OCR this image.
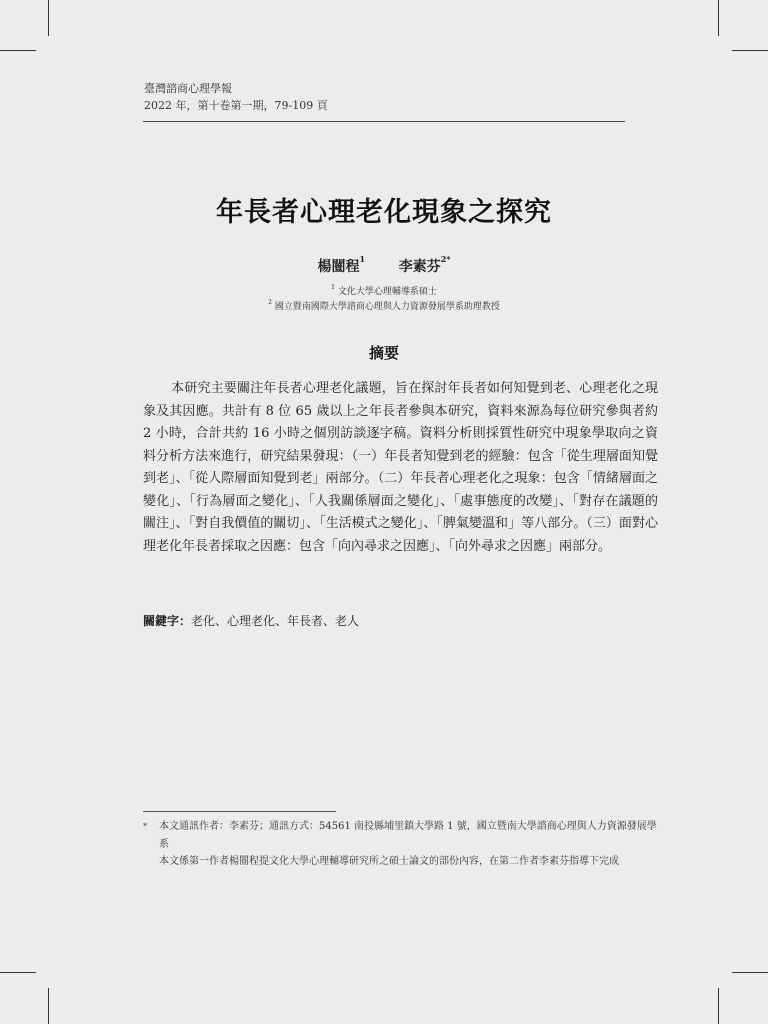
臺灣諮商心理學報
2022 年，第十卷第一期，79-109 頁
年長者心理老化現象之探究
楊闓程$^1$ 李素芬$^{2*}$
$^1$ 文化大學心理輔導系碩士
$^2$ 國立暨南國際大學諮商心理與人力資源發展學系助理教授
摘要

本研究主要關注年長者心理老化議題，旨在探討年長者如何知覺到老、心理老化之現象及其因應。共計有 8 位 65 歲以上之年長者參與本研究，資料來源為每位研究參與者約 2 小時，合計共約 16 小時之個別訪談逐字稿。資料分析則採質性研究中現象學取向之資料分析方法來進行，研究結果發現：（一）年長者知覺到老的經驗：包含「從生理層面知覺到老」、「從人際層面知覺到老」兩部分。（二）年長者心理老化之現象：包含「情緒層面之變化」、「行為層面之變化」、「人我關係層面之變化」、「處事態度的改變」、「對存在議題的關注」、「對自我價值的關切」、「生活模式之變化」、「脾氣變溫和」等八部分。（三）面對心理老化年長者採取之因應：包含「向內尋求之因應」、「向外尋求之因應」兩部分。

關鍵字：老化、心理老化、年長者、老人
*	本文通訊作者：李素芬；通訊方式：54561 南投縣埔里鎮大學路 1 號，國立暨南大學諮商心理與人力資源發展學系
本文係第一作者楊闓程提文化大學心理輔導研究所之碩士論文的部份內容，在第二作者李素芬指導下完成
